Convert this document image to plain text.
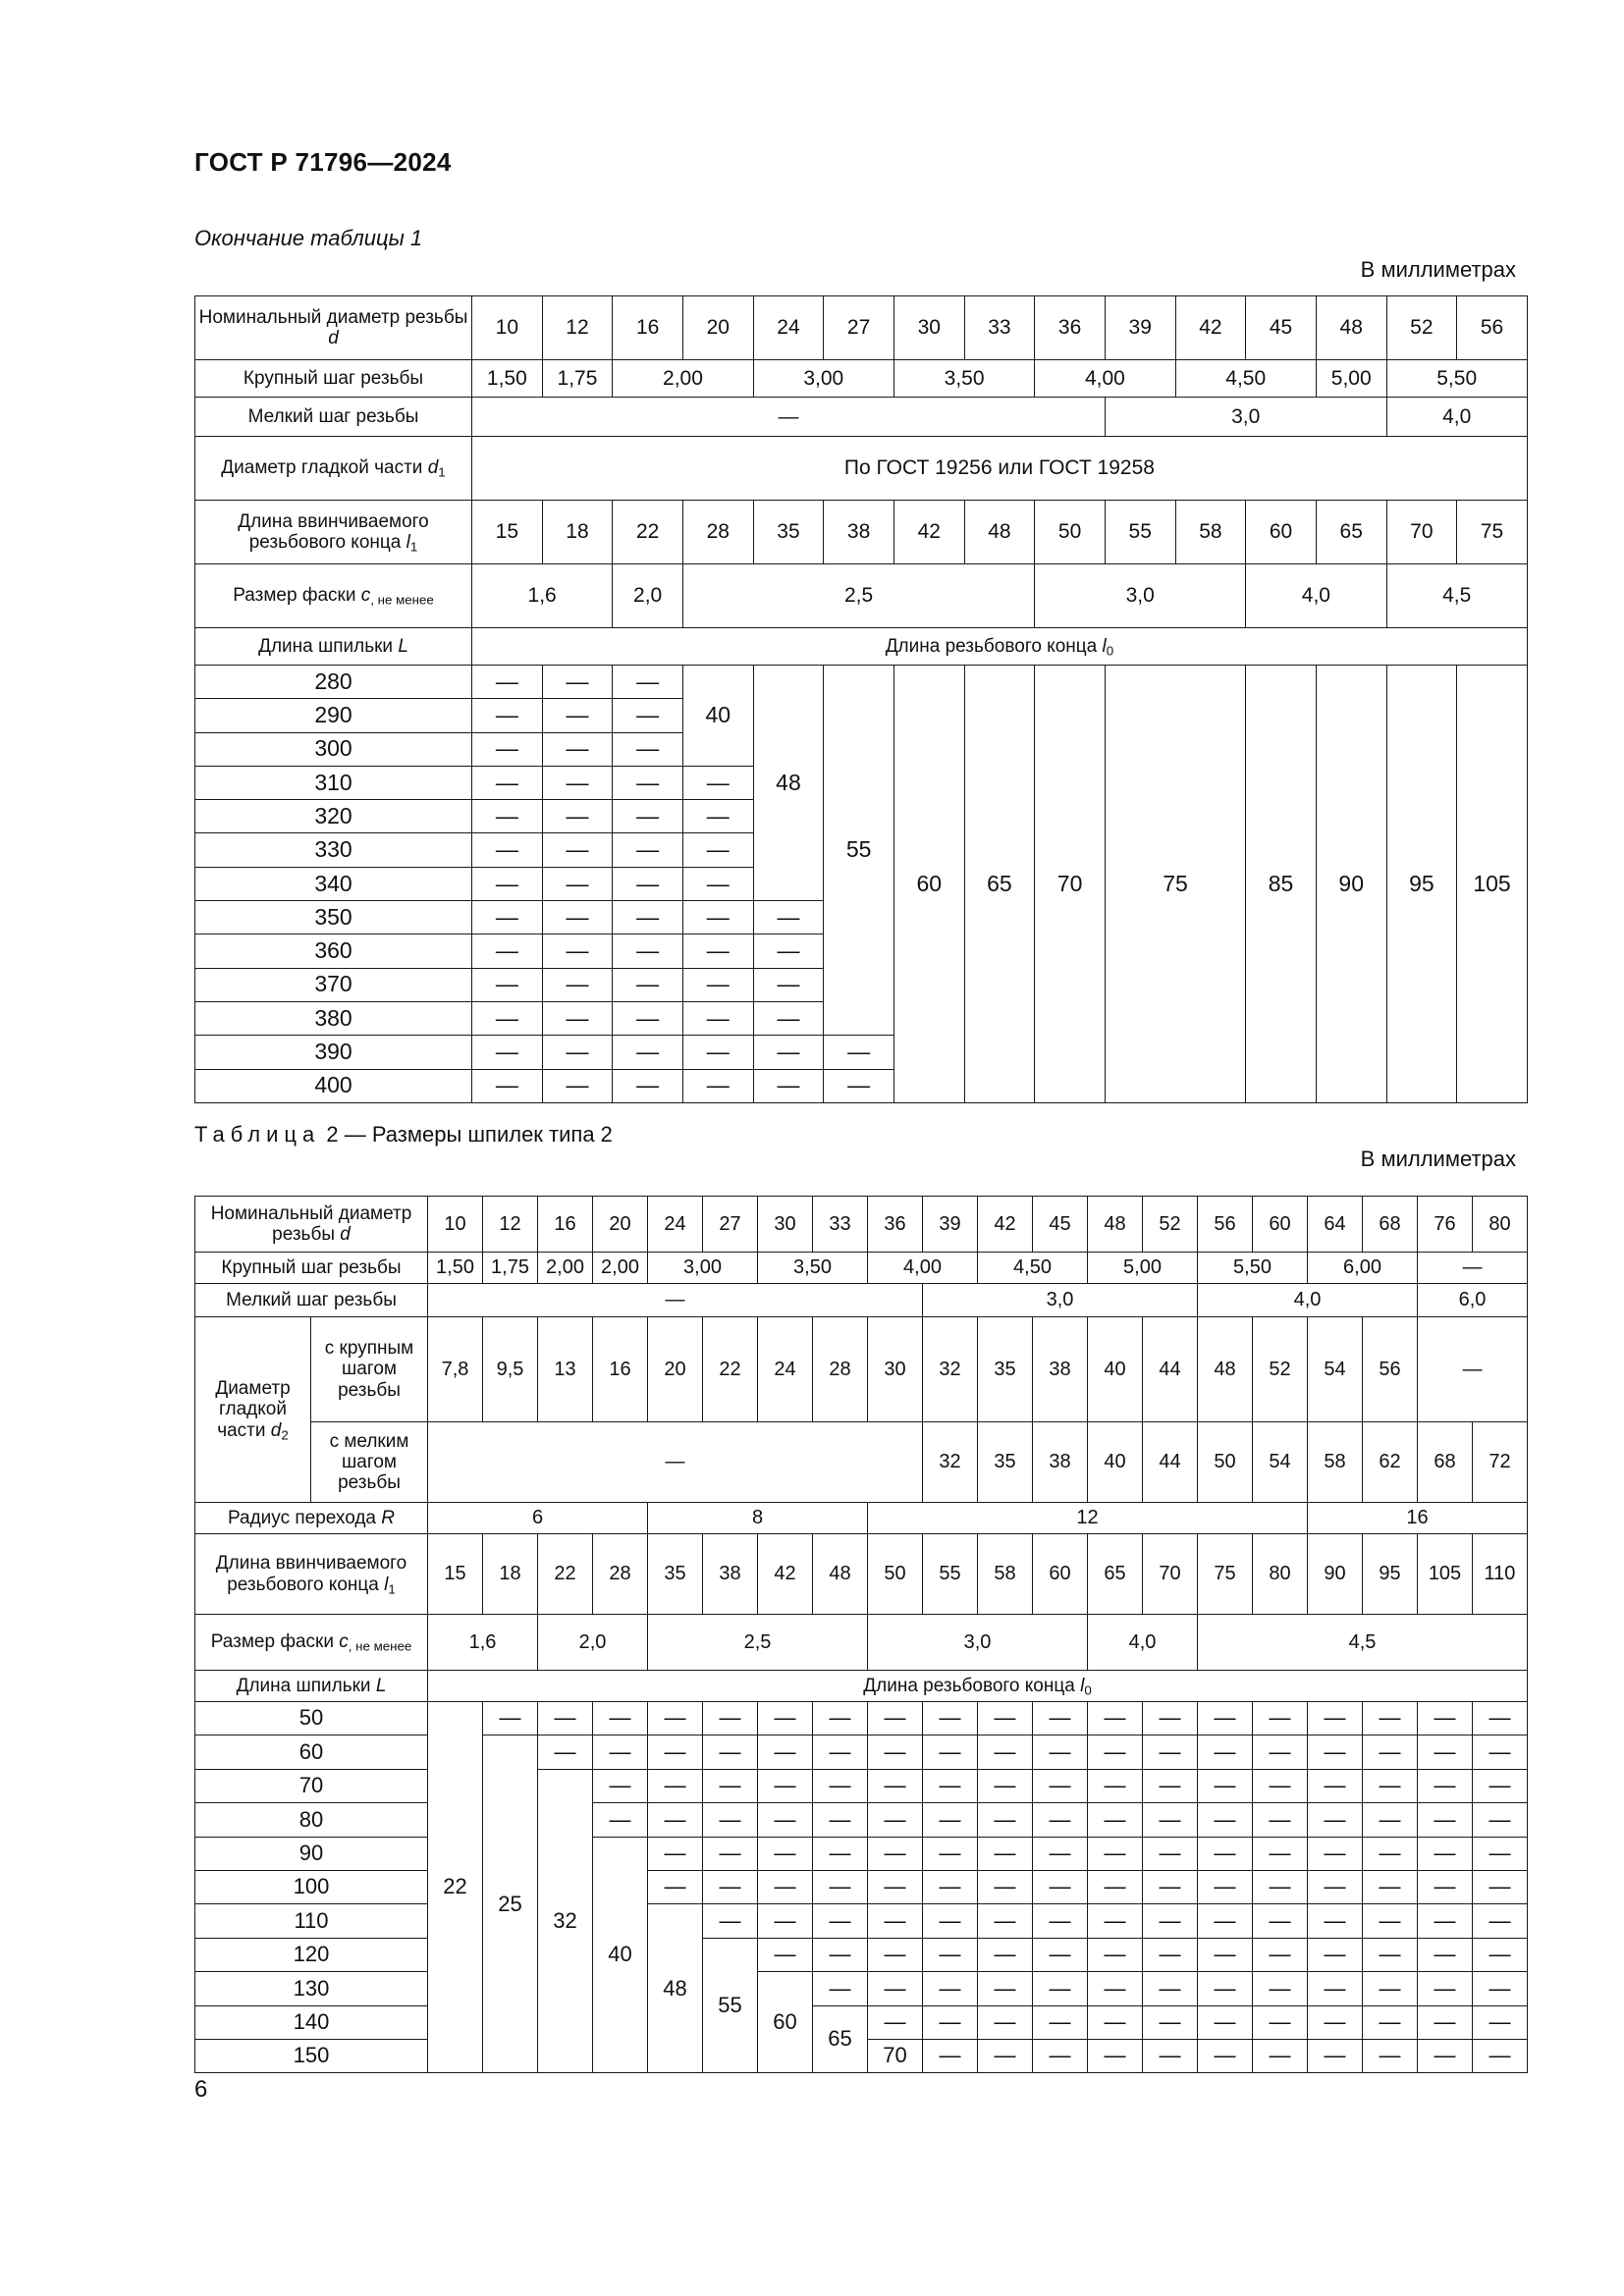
ГОСТ Р 71796—2024
Окончание таблицы 1
В миллиметрах
Номинальный диаметр резьбы d	10	12	16	20	24	27	30	33	36	39	42	45	48	52	56
Крупный шаг резьбы	1,50	1,75	2,00		3,00		3,50		4,00		4,50		5,00	5,50	
Мелкий шаг резьбы	—									3,0				4,0	
Диаметр гладкой части $d_1$	По ГОСТ 19256 или ГОСТ 19258														
Длина ввинчиваемого резьбового конца $l_1$	15	18	22	28	35	38	42	48	50	55	58	60	65	70	75
Размер фаски $c_{, не менее}$	1,6		2,0	2,5					3,0			4,0		4,5	
Длина шпильки L	Длина резьбового конца $l_0$
280	—	—	—	40	48	55	60	65	70	75		85	90	95	105
290	—	—	—												
300	—	—	—												
310	—	—	—	—											
320	—	—	—	—											
330	—	—	—	—											
340	—	—	—	—											
350	—	—	—	—	—										
360	—	—	—	—	—										
370	—	—	—	—	—										
380	—	—	—	—	—										
390	—	—	—	—	—	—									
400	—	—	—	—	—	—									
Таблица 2 — Размеры шпилек типа 2
В миллиметрах
Номинальный диаметр резьбы d		10	12	16	20	24	27	30	33	36	39	42	45	48	52	56	60	64	68	76	80
Крупный шаг резьбы		1,50	1,75	2,00	2,00	3,00		3,50		4,00		4,50		5,00		5,50		6,00		—	
Мелкий шаг резьбы		—									3,0					4,0				6,0	
Диаметр гладкой части $d_2$	с крупным шагом резьбы	7,8	9,5	13	16	20	22	24	28	30	32	35	38	40	44	48	52	54	56	—	
	с мелким шагом резьбы	—									32	35	38	40	44	50	54	58	62	68	72
Радиус перехода R		6				8				12								16			
Длина ввинчиваемого резьбового конца $l_1$		15	18	22	28	35	38	42	48	50	55	58	60	65	70	75	80	90	95	105	110
Размер фаски $c_{, не менее}$		1,6		2,0		2,5				3,0				4,0		4,5					
Длина шпильки L		Длина резьбового конца $l_0$
50		22	—	—	—	—	—	—	—	—	—	—	—	—	—	—	—	—	—	—	—
60			25	—	—	—	—	—	—	—	—	—	—	—	—	—	—	—	—	—	—
70				32	—	—	—	—	—	—	—	—	—	—	—	—	—	—	—	—	—
80					—	—	—	—	—	—	—	—	—	—	—	—	—	—	—	—	—
90					40	—	—	—	—	—	—	—	—	—	—	—	—	—	—	—	—
100						—	—	—	—	—	—	—	—	—	—	—	—	—	—	—	—
110						48	—	—	—	—	—	—	—	—	—	—	—	—	—	—	—
120							55	—	—	—	—	—	—	—	—	—	—	—	—	—	—
130								60	—	—	—	—	—	—	—	—	—	—	—	—	—
140									65	—	—	—	—	—	—	—	—	—	—	—	—
150										70	—	—	—	—	—	—	—	—	—	—	—
6
